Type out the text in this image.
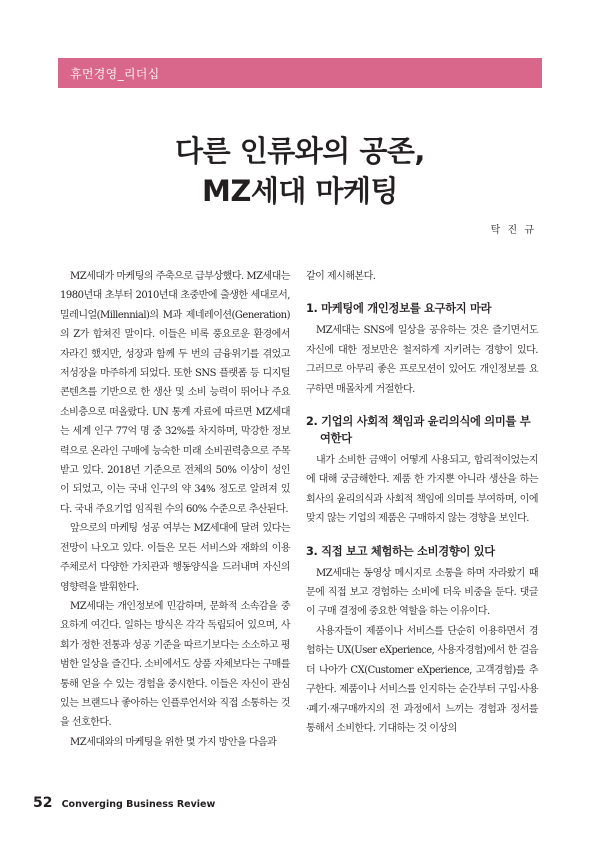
휴먼경영_리더십
다른 인류와의 공존,
MZ세대 마케팅
탁 진 규

MZ세대가 마케팅의 주축으로 급부상했다. MZ세대는 1980년대 초부터 2010년대 초중반에 출생한 세대로서, 밀레니얼(Millennial)의 M과 제네레이션(Generation)의 Z가 합쳐진 말이다. 이들은 비록 풍요로운 환경에서 자라긴 했지만, 성장과 함께 두 번의 금융위기를 겪었고 저성장을 마주하게 되었다. 또한 SNS 플랫폼 등 디지털 콘텐츠를 기반으로 한 생산 및 소비 능력이 뛰어나 주요 소비층으로 떠올랐다. UN 통계 자료에 따르면 MZ세대는 세계 인구 77억 명 중 32%를 차지하며, 막강한 정보력으로 온라인 구매에 능숙한 미래 소비권력층으로 주목받고 있다. 2018년 기준으로 전체의 50% 이상이 성인이 되었고, 이는 국내 인구의 약 34% 정도로 알려져 있다. 국내 주요기업 임직원 수의 60% 수준으로 추산된다.

앞으로의 마케팅 성공 여부는 MZ세대에 달려 있다는 전망이 나오고 있다. 이들은 모든 서비스와 재화의 이용 주체로서 다양한 가치관과 행동양식을 드러내며 자신의 영향력을 발휘한다.

MZ세대는 개인정보에 민감하며, 문화적 소속감을 중요하게 여긴다. 일하는 방식은 각각 독립되어 있으며, 사회가 정한 전통과 성공 기준을 따르기보다는 소소하고 평범한 일상을 즐긴다. 소비에서도 상품 자체보다는 구매를 통해 얻을 수 있는 경험을 중시한다. 이들은 자신이 관심 있는 브랜드나 좋아하는 인플루언서와 직접 소통하는 것을 선호한다.

MZ세대와의 마케팅을 위한 몇 가지 방안을 다음과

같이 제시해본다.

1. 마케팅에 개인정보를 요구하지 마라

MZ세대는 SNS에 일상을 공유하는 것은 즐기면서도 자신에 대한 정보만은 철저하게 지키려는 경향이 있다. 그러므로 아무리 좋은 프로모션이 있어도 개인정보를 요구하면 매몰차게 거절한다.

2. 기업의 사회적 책임과 윤리의식에 의미를 부
여한다

내가 소비한 금액이 어떻게 사용되고, 합리적이었는지에 대해 궁금해한다. 제품 한 가지뿐 아니라 생산을 하는 회사의 윤리의식과 사회적 책임에 의미를 부여하며, 이에 맞지 않는 기업의 제품은 구매하지 않는 경향을 보인다.

3. 직접 보고 체험하는 소비경향이 있다

MZ세대는 동영상 메시지로 소통을 하며 자라왔기 때문에 직접 보고 경험하는 소비에 더욱 비중을 둔다. 댓글이 구매 결정에 중요한 역할을 하는 이유이다.

사용자들이 제품이나 서비스를 단순히 이용하면서 경험하는 UX(User eXperience, 사용자경험)에서 한 걸음 더 나아가 CX(Customer eXperience, 고객경험)를 추구한다. 제품이나 서비스를 인지하는 순간부터 구입·사용·폐기·재구매까지의 전 과정에서 느끼는 경험과 정서를 통해서 소비한다. 기대하는 것 이상의

52 Converging Business Review
